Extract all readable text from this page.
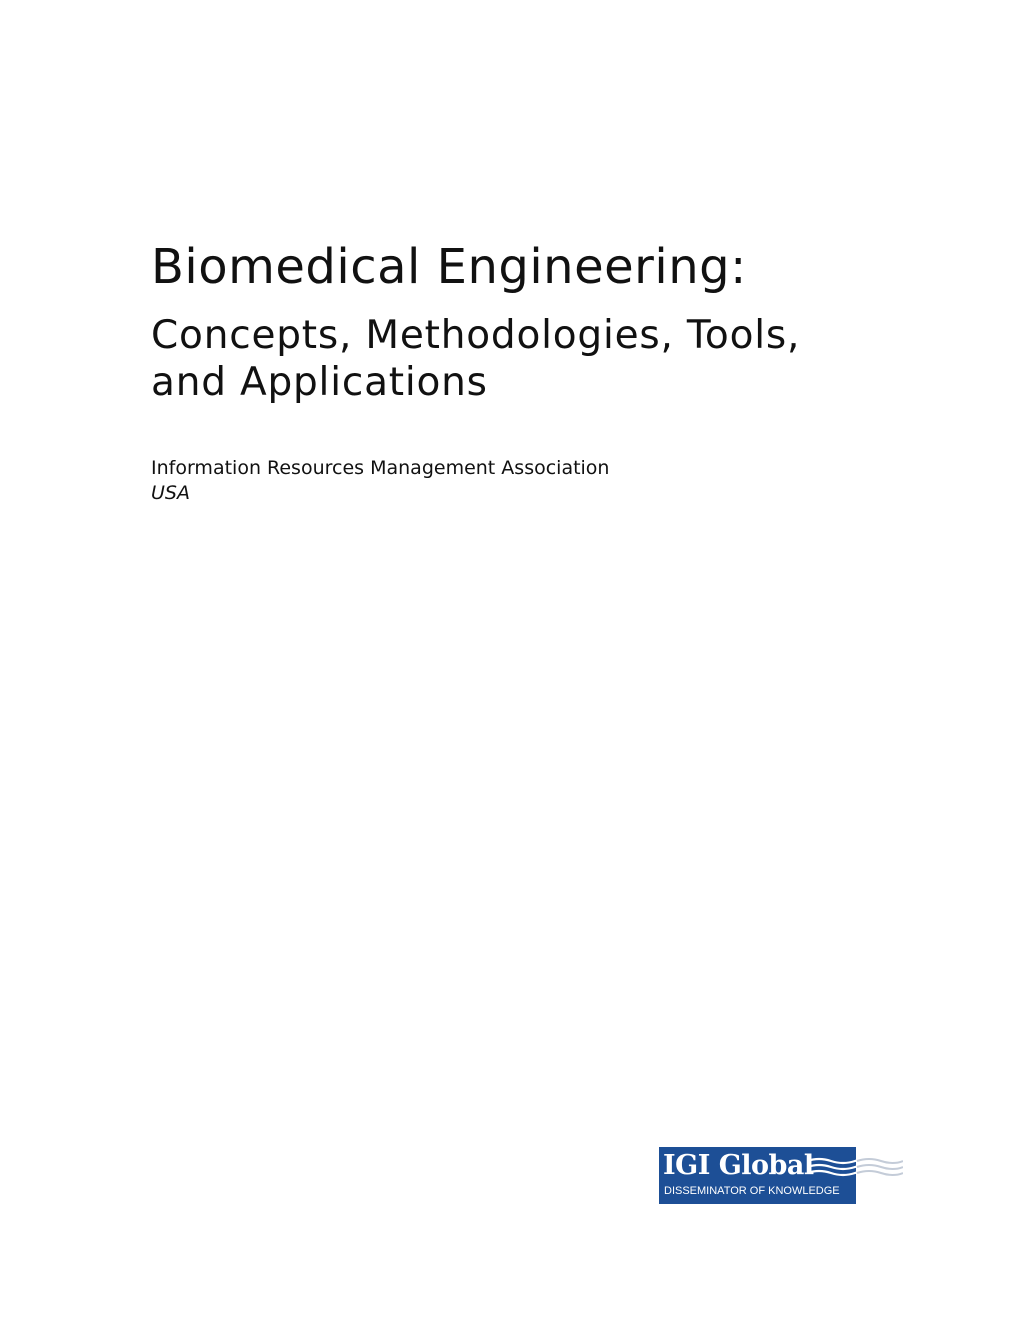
Biomedical Engineering:
Concepts, Methodologies, Tools,
and Applications
Information Resources Management Association
USA
IGI Global
DISSEMINATOR OF KNOWLEDGE
